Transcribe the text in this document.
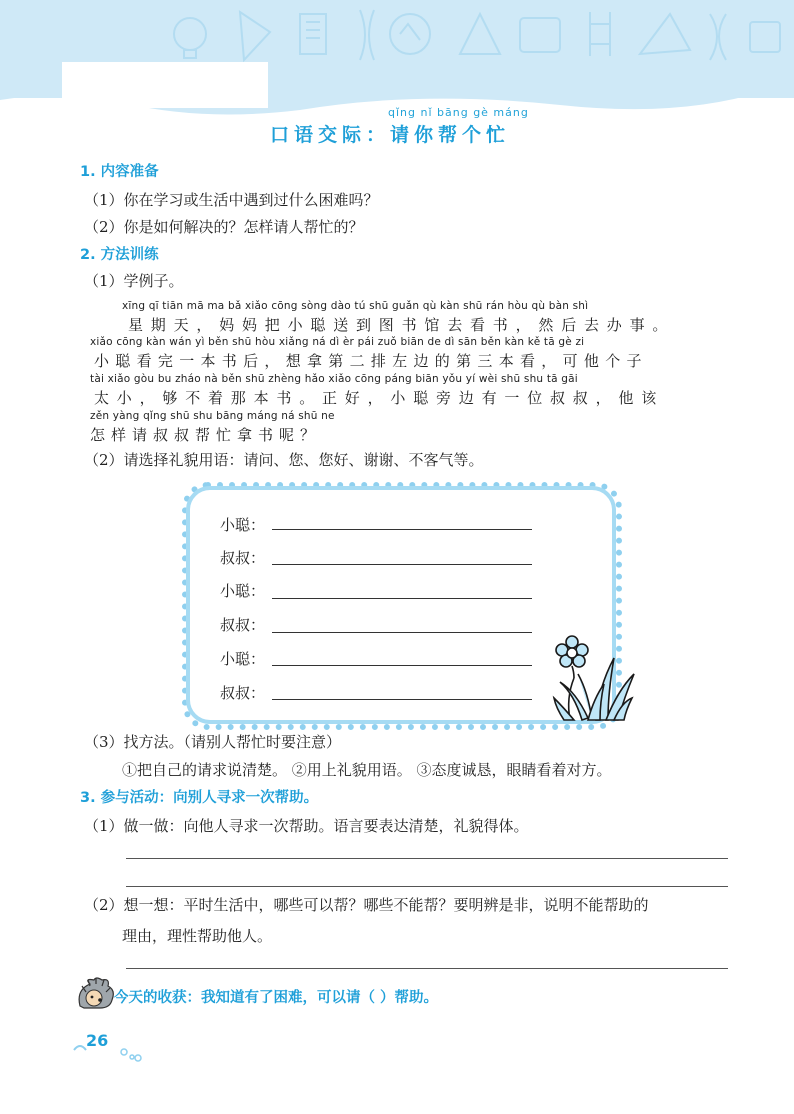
qǐng nǐ bāng gè máng
口语交际：请你帮个忙
1. 内容准备
（1）你在学习或生活中遇到过什么困难吗？
（2）你是如何解决的？怎样请人帮忙的？
2. 方法训练
（1）学例子。
xīng qī tiān mā ma bǎ xiǎo cōng sòng dào tú shū guǎn qù kàn shū rán hòu qù bàn shì
星期天，妈妈把小聪送到图书馆去看书，然后去办事。
xiǎo cōng kàn wán yì běn shū hòu xiǎng ná dì èr pái zuǒ biān de dì sān běn kàn kě tā gè zi
小聪看完一本书后，想拿第二排左边的第三本看，可他个子
tài xiǎo gòu bu zháo nà běn shū zhèng hǎo xiǎo cōng páng biān yǒu yí wèi shū shu tā gāi
太小，够不着那本书。正好，小聪旁边有一位叔叔，他该
zěn yàng qǐng shū shu bāng máng ná shū ne
怎样请叔叔帮忙拿书呢？
（2）请选择礼貌用语：请问、您、您好、谢谢、不客气等。
小聪：
叔叔：
小聪：
叔叔：
小聪：
叔叔：
（3）找方法。（请别人帮忙时要注意）
①把自己的请求说清楚。 ②用上礼貌用语。 ③态度诚恳，眼睛看着对方。
3. 参与活动：向别人寻求一次帮助。
（1）做一做：向他人寻求一次帮助。语言要表达清楚，礼貌得体。
（2）想一想：平时生活中，哪些可以帮？哪些不能帮？要明辨是非，说明不能帮助的
理由，理性帮助他人。
今天的收获：我知道有了困难，可以请（ ）帮助。
26
